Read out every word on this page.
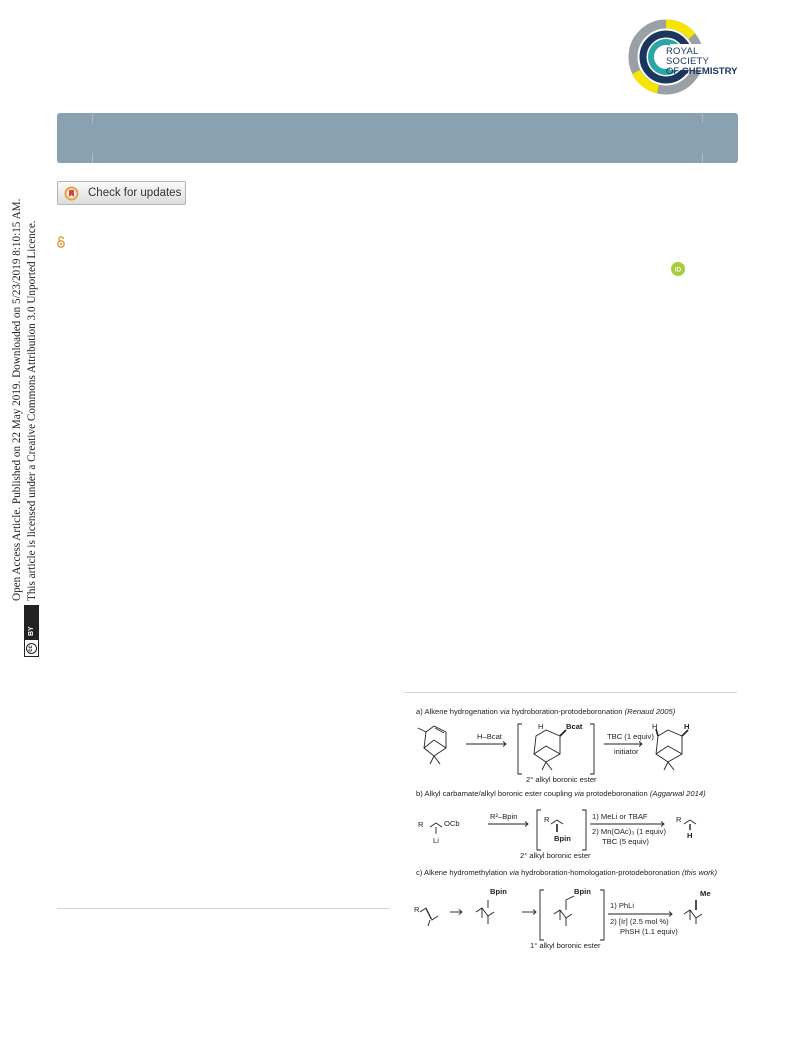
ROYAL SOCIETY
OF CHEMISTRY
Check for updates
iD
cc
BY
Open Access Article. Published on 22 May 2019. Downloaded on 5/23/2019 8:10:15 AM. This article is licensed under a Creative Commons Attribution 3.0 Unported Licence.
a) Alkene hydrogenation via hydroboration-protodeboronation (Renaud 2005)
H–Bcat
H	Bcat
TBC (1 equiv)
initiator
H	H
2° alkyl boronic ester
b) Alkyl carbamate/alkyl boronic ester coupling via protodeboronation (Aggarwal 2014)
R	OCb
Li
R²–Bpin	R
Bpin
1) MeLi or TBAF
2) Mn(OAc)₃ (1 equiv)
TBC (5 equiv)
R
H
2° alkyl boronic ester
c) Alkene hydromethylation via hydroboration-homologation-protodeboronation (this work)
R
Bpin	Bpin
1) PhLi
2) [Ir] (2.5 mol %)
PhSH (1.1 equiv)
Me
1° alkyl boronic ester
